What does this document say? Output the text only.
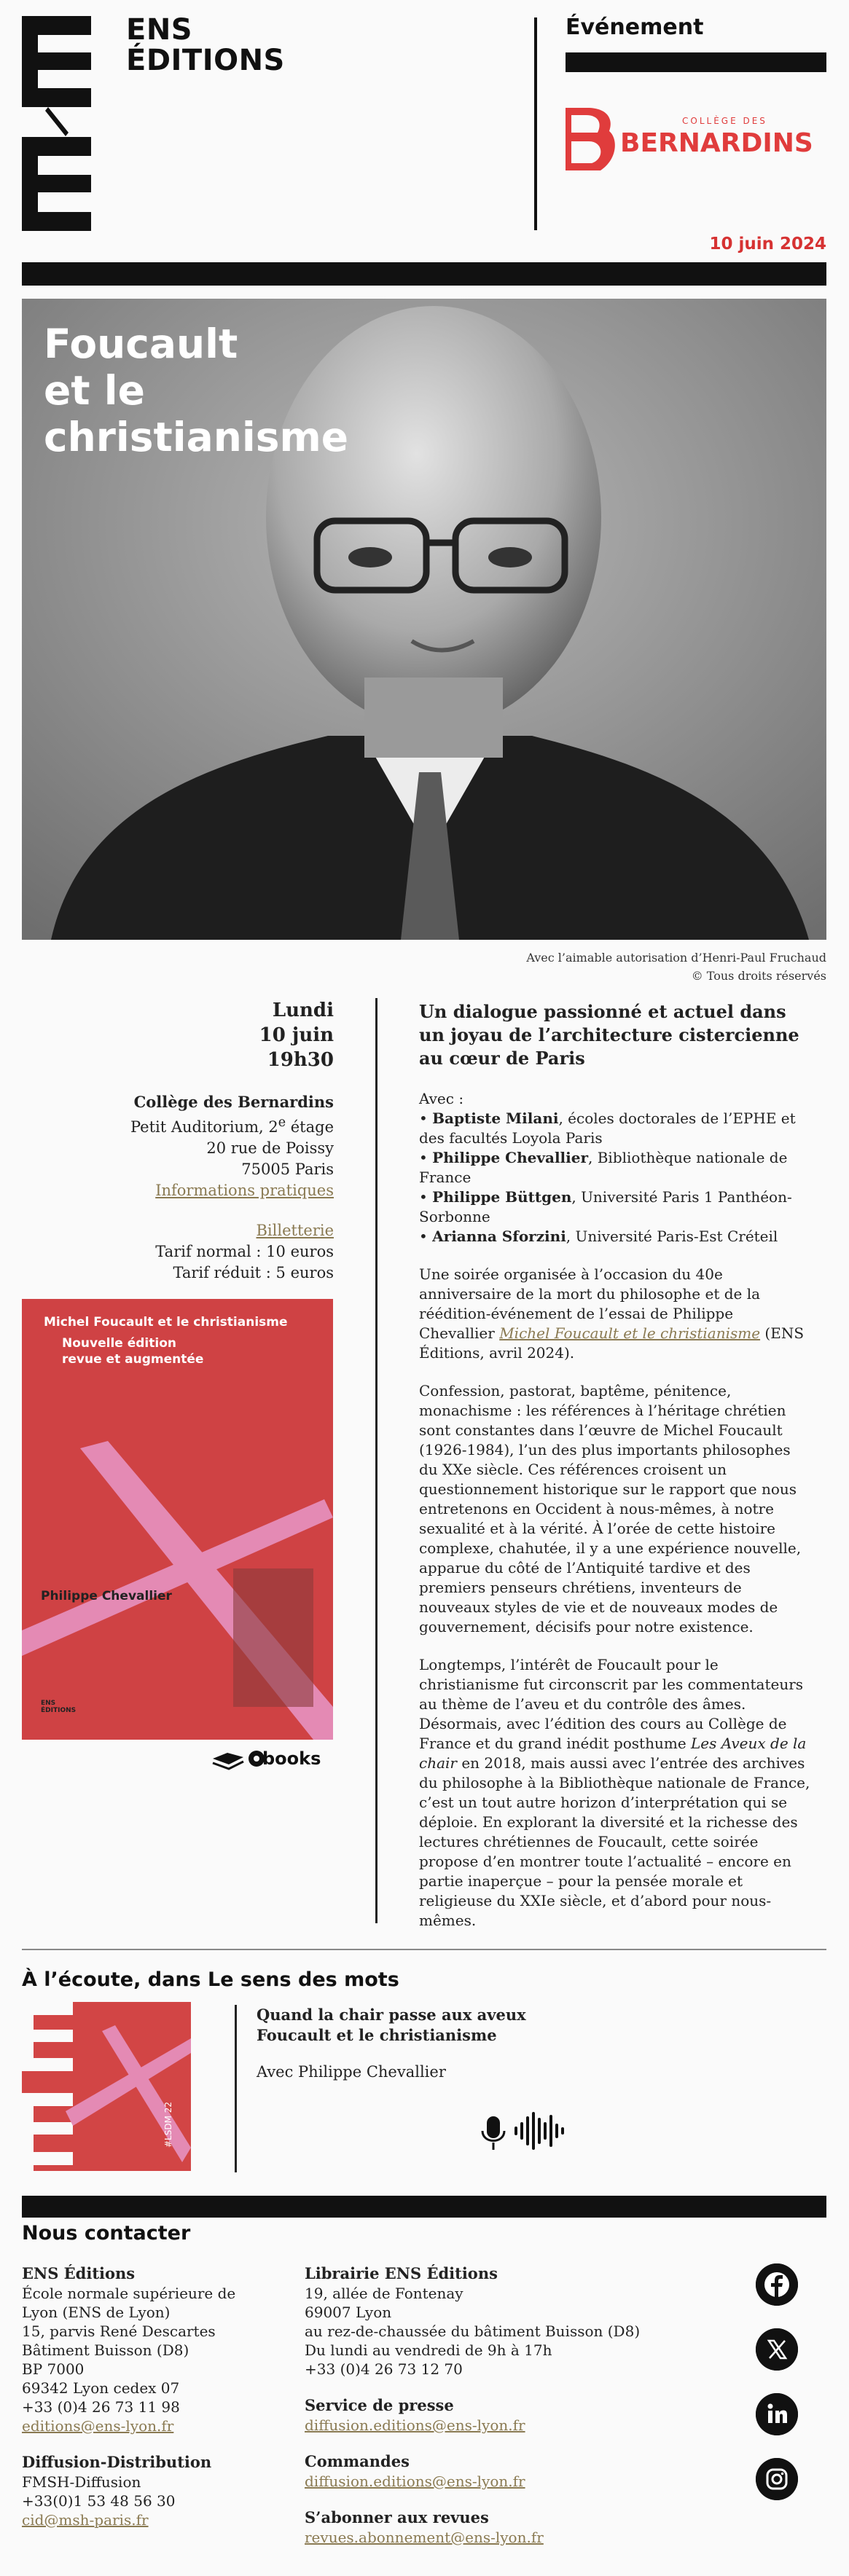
ENS
ÉDITIONS
Événement
COLLÈGE DES
BERNARDINS
10 juin 2024
Foucault
et le
christianisme
Avec l’aimable autorisation d’Henri-Paul Fruchaud
© Tous droits réservés
Lundi
10 juin
19h30
Collège des Bernardins
Petit Auditorium, 2e étage
20 rue de Poissy
75005 Paris
Informations pratiques
Billetterie
Tarif normal : 10 euros
Tarif réduit : 5 euros
Michel Foucault et le christianisme
Nouvelle édition
revue et augmentée
Philippe Chevallier
ENS
ÉDITIONS
books
Un dialogue passionné et actuel dans un joyau de l’architecture cistercienne au cœur de Paris

Avec :
• Baptiste Milani, écoles doctorales de l’EPHE et des facultés Loyola Paris
• Philippe Chevallier, Bibliothèque nationale de France
• Philippe Büttgen, Université Paris 1 Panthéon-Sorbonne
• Arianna Sforzini, Université Paris-Est Créteil

Une soirée organisée à l’occasion du 40e anniversaire de la mort du philosophe et de la réédition-événement de l’essai de Philippe Chevallier Michel Foucault et le christianisme (ENS Éditions, avril 2024).

Confession, pastorat, baptême, pénitence, monachisme : les références à l’héritage chrétien sont constantes dans l’œuvre de Michel Foucault (1926-1984), l’un des plus importants philosophes du XXe siècle. Ces références croisent un questionnement historique sur le rapport que nous entretenons en Occident à nous-mêmes, à notre sexualité et à la vérité. À l’orée de cette histoire complexe, chahutée, il y a une expérience nouvelle, apparue du côté de l’Antiquité tardive et des premiers penseurs chrétiens, inventeurs de nouveaux styles de vie et de nouveaux modes de gouvernement, décisifs pour notre existence.

Longtemps, l’intérêt de Foucault pour le christianisme fut circonscrit par les commentateurs au thème de l’aveu et du contrôle des âmes. Désormais, avec l’édition des cours au Collège de France et du grand inédit posthume Les Aveux de la chair en 2018, mais aussi avec l’entrée des archives du philosophe à la Bibliothèque nationale de France, c’est un tout autre horizon d’interprétation qui se déploie. En explorant la diversité et la richesse des lectures chrétiennes de Foucault, cette soirée propose d’en montrer toute l’actualité – encore en partie inaperçue – pour la pensée morale et religieuse du XXIe siècle, et d’abord pour nous-mêmes.

À l’écoute, dans Le sens des mots
#LSDM 22
Quand la chair passe aux aveux
Foucault et le christianisme
Avec Philippe Chevallier
Nous contacter
ENS Éditions
École normale supérieure de
Lyon (ENS de Lyon)
15, parvis René Descartes
Bâtiment Buisson (D8)
BP 7000
69342 Lyon cedex 07
+33 (0)4 26 73 11 98
editions@ens-lyon.fr
Diffusion-Distribution
FMSH-Diffusion
+33(0)1 53 48 56 30
cid@msh-paris.fr
Librairie ENS Éditions
19, allée de Fontenay
69007 Lyon
au rez-de-chaussée du bâtiment Buisson (D8)
Du lundi au vendredi de 9h à 17h
+33 (0)4 26 73 12 70
Service de presse
diffusion.editions@ens-lyon.fr
Commandes
diffusion.editions@ens-lyon.fr
S’abonner aux revues
revues.abonnement@ens-lyon.fr
